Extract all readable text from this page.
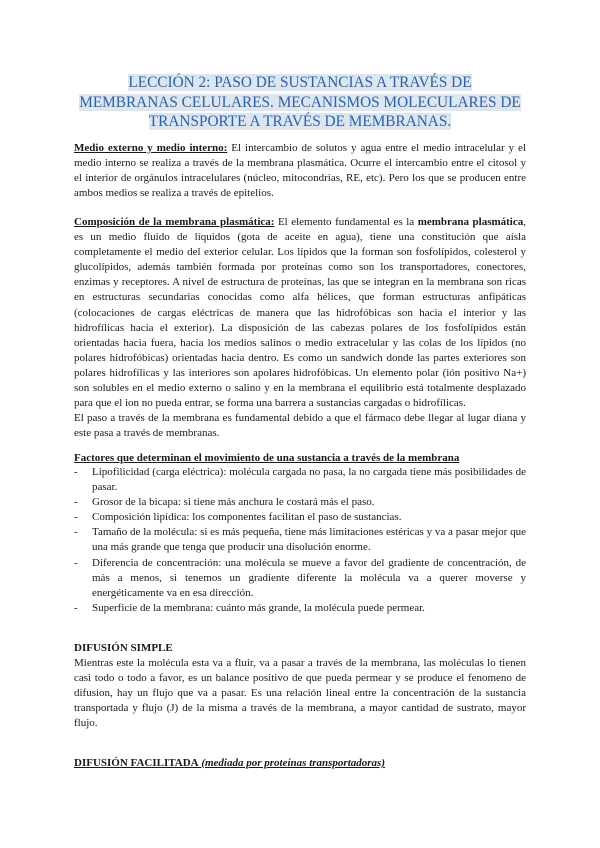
LECCIÓN 2: PASO DE SUSTANCIAS A TRAVÉS DE MEMBRANAS CELULARES. MECANISMOS MOLECULARES DE TRANSPORTE A TRAVÉS DE MEMBRANAS.
Medio externo y medio interno: El intercambio de solutos y agua entre el medio intracelular y el medio interno se realiza a través de la membrana plasmática. Ocurre el intercambio entre el citosol y el interior de orgánulos intracelulares (núcleo, mitocondrias, RE, etc). Pero los que se producen entre ambos medios se realiza a través de epitelios.
Composición de la membrana plasmática: El elemento fundamental es la membrana plasmática, es un medio fluido de líquidos (gota de aceite en agua), tiene una constitución que aísla completamente el medio del exterior celular. Los lípidos que la forman son fosfolípidos, colesterol y glucolípidos, además también formada por proteínas como son los transportadores, conectores, enzimas y receptores. A nivel de estructura de proteínas, las que se integran en la membrana son ricas en estructuras secundarias conocidas como alfa hélices, que forman estructuras anfipáticas (colocaciones de cargas eléctricas de manera que las hidrofóbicas son hacia el interior y las hidrofílicas hacia el exterior). La disposición de las cabezas polares de los fosfolípidos están orientadas hacia fuera, hacia los medios salinos o medio extracelular y las colas de los lípidos (no polares hidrofóbicas) orientadas hacia dentro. Es como un sandwich donde las partes exteriores son polares hidrofílicas y las interiores son apolares hidrofóbicas. Un elemento polar (ión positivo Na+) son solubles en el medio externo o salino y en la membrana el equilibrio está totalmente desplazado para que el ion no pueda entrar, se forma una barrera a sustancias cargadas o hidrofílicas.
El paso a través de la membrana es fundamental debido a que el fármaco debe llegar al lugar diana y este pasa a través de membranas.
Factores que determinan el movimiento de una sustancia a través de la membrana
- Lipofilicidad (carga eléctrica): molécula cargada no pasa, la no cargada tiene más posibilidades de pasar.
- Grosor de la bicapa: si tiene más anchura le costará más el paso.
- Composición lipídica: los componentes facilitan el paso de sustancias.
- Tamaño de la molécula: si es más pequeña, tiene más limitaciones estéricas y va a pasar mejor que una más grande que tenga que producir una disolución enorme.
- Diferencia de concentración: una molécula se mueve a favor del gradiente de concentración, de más a menos, si tenemos un gradiente diferente la molécula va a querer moverse y energéticamente va en esa dirección.
- Superficie de la membrana: cuánto más grande, la molécula puede permear.
DIFUSIÓN SIMPLE
Mientras este la molécula esta va a fluir, va a pasar a través de la membrana, las moléculas lo tienen casi todo o todo a favor, es un balance positivo de que pueda permear y se produce el fenomeno de difusion, hay un flujo que va a pasar. Es una relación lineal entre la concentración de la sustancia transportada y flujo (J) de la misma a través de la membrana, a mayor cantidad de sustrato, mayor flujo.
DIFUSIÓN FACILITADA (mediada por proteínas transportadoras)
